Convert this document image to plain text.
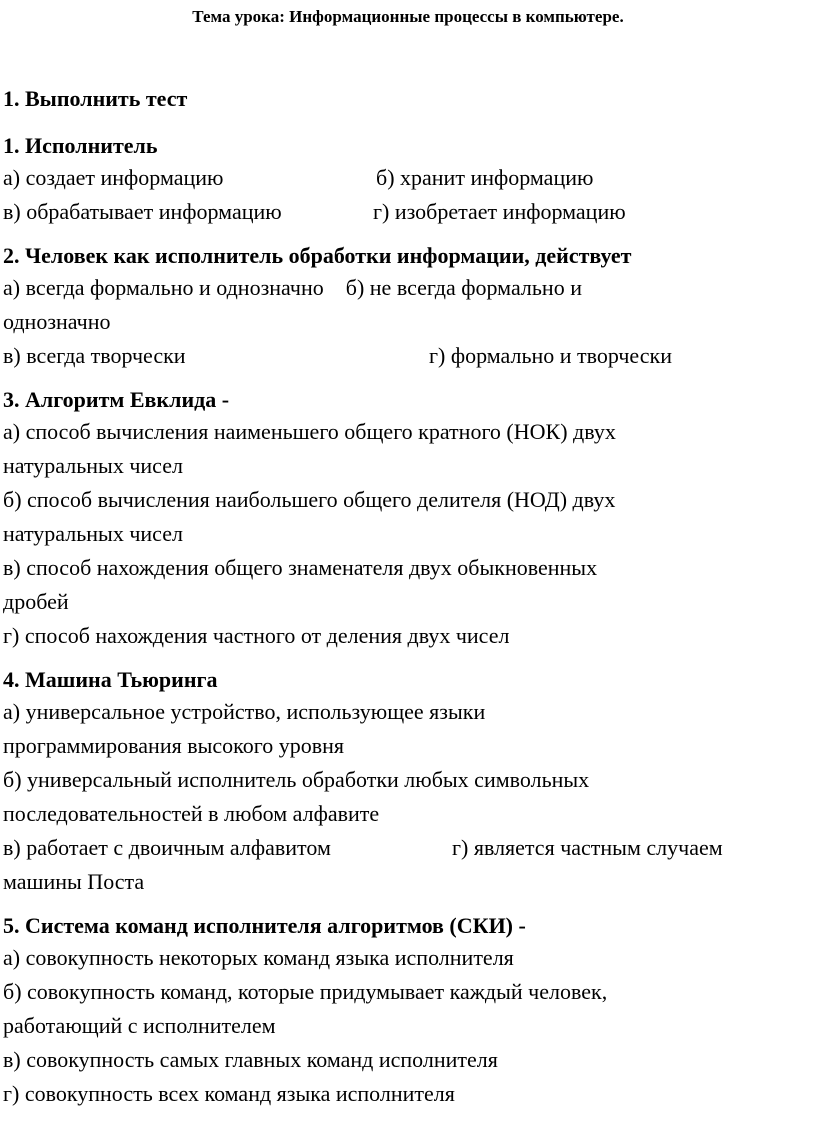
Тема урока: Информационные процессы в компьютере.
1. Выполнить тест
1. Исполнитель
а) создает информацию	б) хранит информацию
в) обрабатывает информацию	г) изобретает информацию
2. Человек как исполнитель обработки информации, действует
а) всегда формально и однозначно    б) не всегда формально и
однозначно
в) всегда творчески	г) формально и творчески
3. Алгоритм Евклида -
а) способ вычисления наименьшего общего кратного (НОК) двух
натуральных чисел
б) способ вычисления наибольшего общего делителя (НОД) двух
натуральных чисел
в) способ нахождения общего знаменателя двух обыкновенных
дробей
г) способ нахождения частного от деления двух чисел
4. Машина Тьюринга
а) универсальное устройство, использующее языки
программирования высокого уровня
б) универсальный исполнитель обработки любых символьных
последовательностей в любом алфавите
в) работает с двоичным алфавитом	г) является частным случаем
машины Поста
5. Система команд исполнителя алгоритмов (СКИ) -
а) совокупность некоторых команд языка исполнителя
б) совокупность команд, которые придумывает каждый человек,
работающий с исполнителем
в) совокупность самых главных команд исполнителя
г) совокупность всех команд языка исполнителя
